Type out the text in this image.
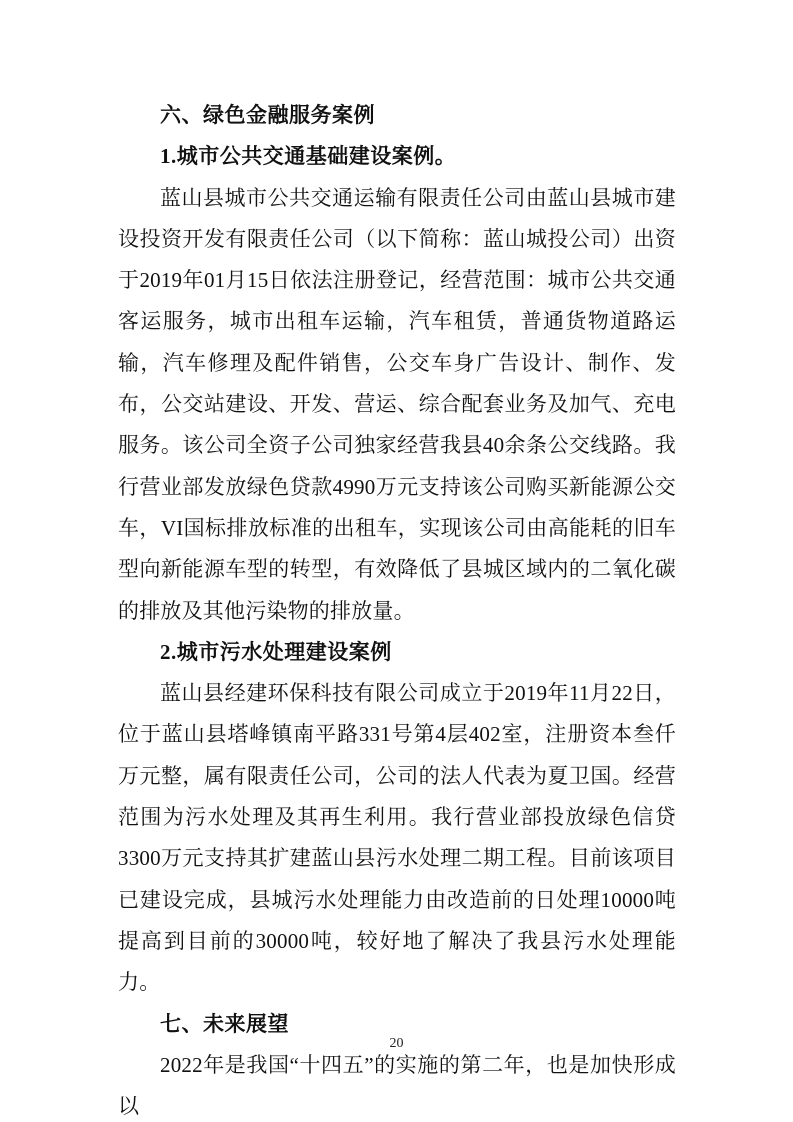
六、绿色金融服务案例
1.城市公共交通基础建设案例。

蓝山县城市公共交通运输有限责任公司由蓝山县城市建设投资开发有限责任公司（以下简称：蓝山城投公司）出资于2019年01月15日依法注册登记，经营范围：城市公共交通客运服务，城市出租车运输，汽车租赁，普通货物道路运输，汽车修理及配件销售，公交车身广告设计、制作、发布，公交站建设、开发、营运、综合配套业务及加气、充电服务。该公司全资子公司独家经营我县40余条公交线路。我行营业部发放绿色贷款4990万元支持该公司购买新能源公交车，VI国标排放标准的出租车，实现该公司由高能耗的旧车型向新能源车型的转型，有效降低了县城区域内的二氧化碳的排放及其他污染物的排放量。

2.城市污水处理建设案例

蓝山县经建环保科技有限公司成立于2019年11月22日，位于蓝山县塔峰镇南平路331号第4层402室，注册资本叁仟万元整，属有限责任公司，公司的法人代表为夏卫国。经营范围为污水处理及其再生利用。我行营业部投放绿色信贷3300万元支持其扩建蓝山县污水处理二期工程。目前该项目已建设完成，县城污水处理能力由改造前的日处理10000吨提高到目前的30000吨，较好地了解决了我县污水处理能力。

七、未来展望

2022年是我国“十四五”的实施的第二年，也是加快形成以

20
